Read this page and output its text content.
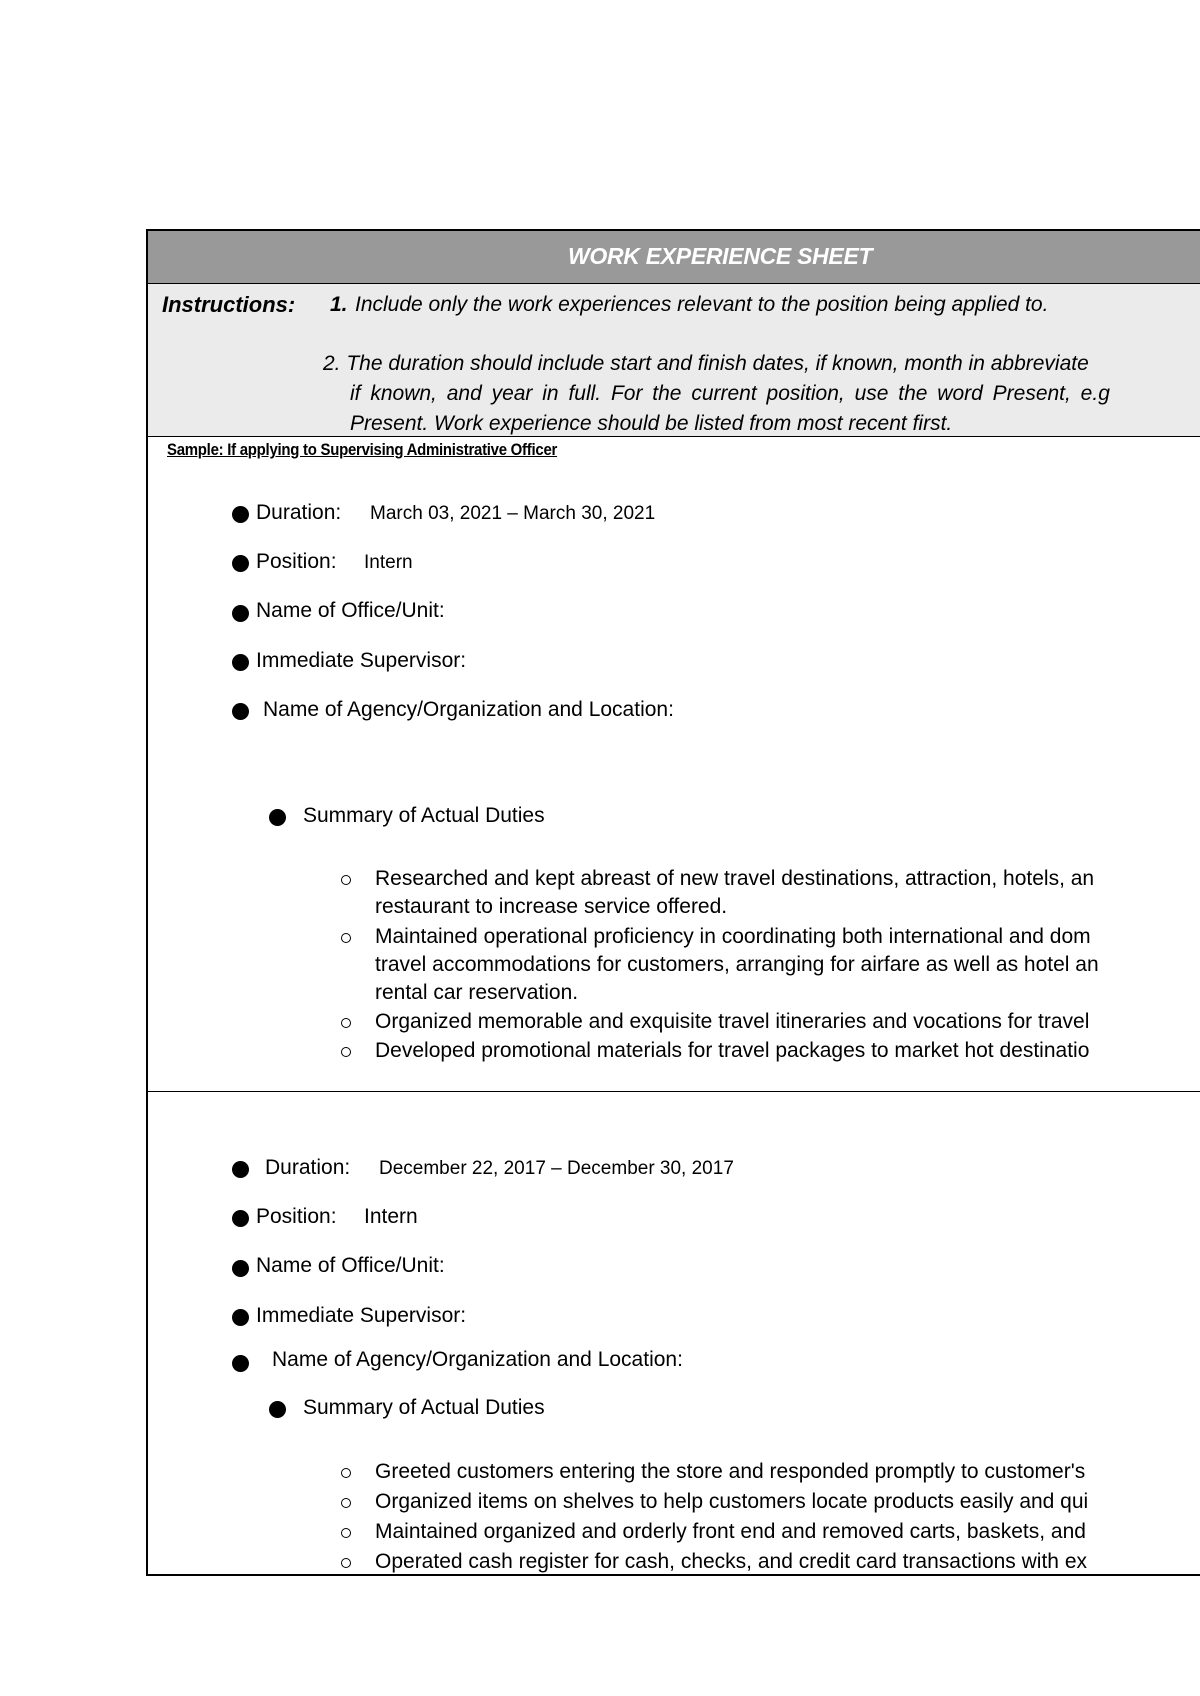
WORK EXPERIENCE SHEET
Instructions: 1. Include only the work experiences relevant to the position being applied to.
2. The duration should include start and finish dates, if known, month in abbreviate
if known, and year in full. For the current position, use the word Present, e.g
Present. Work experience should be listed from most recent first.
Sample: If applying to Supervising Administrative Officer
Duration: March 03, 2021 – March 30, 2021
Position: Intern
Name of Office/Unit:
Immediate Supervisor:
Name of Agency/Organization and Location:
Summary of Actual Duties
Researched and kept abreast of new travel destinations, attraction, hotels, an
restaurant to increase service offered.
Maintained operational proficiency in coordinating both international and dom
travel accommodations for customers, arranging for airfare as well as hotel an
rental car reservation.
Organized memorable and exquisite travel itineraries and vocations for travel
Developed promotional materials for travel packages to market hot destinatio
Duration: December 22, 2017 – December 30, 2017
Position: Intern
Name of Office/Unit:
Immediate Supervisor:
Name of Agency/Organization and Location:
Summary of Actual Duties
Greeted customers entering the store and responded promptly to customer's
Organized items on shelves to help customers locate products easily and qui
Maintained organized and orderly front end and removed carts, baskets, and
Operated cash register for cash, checks, and credit card transactions with ex
